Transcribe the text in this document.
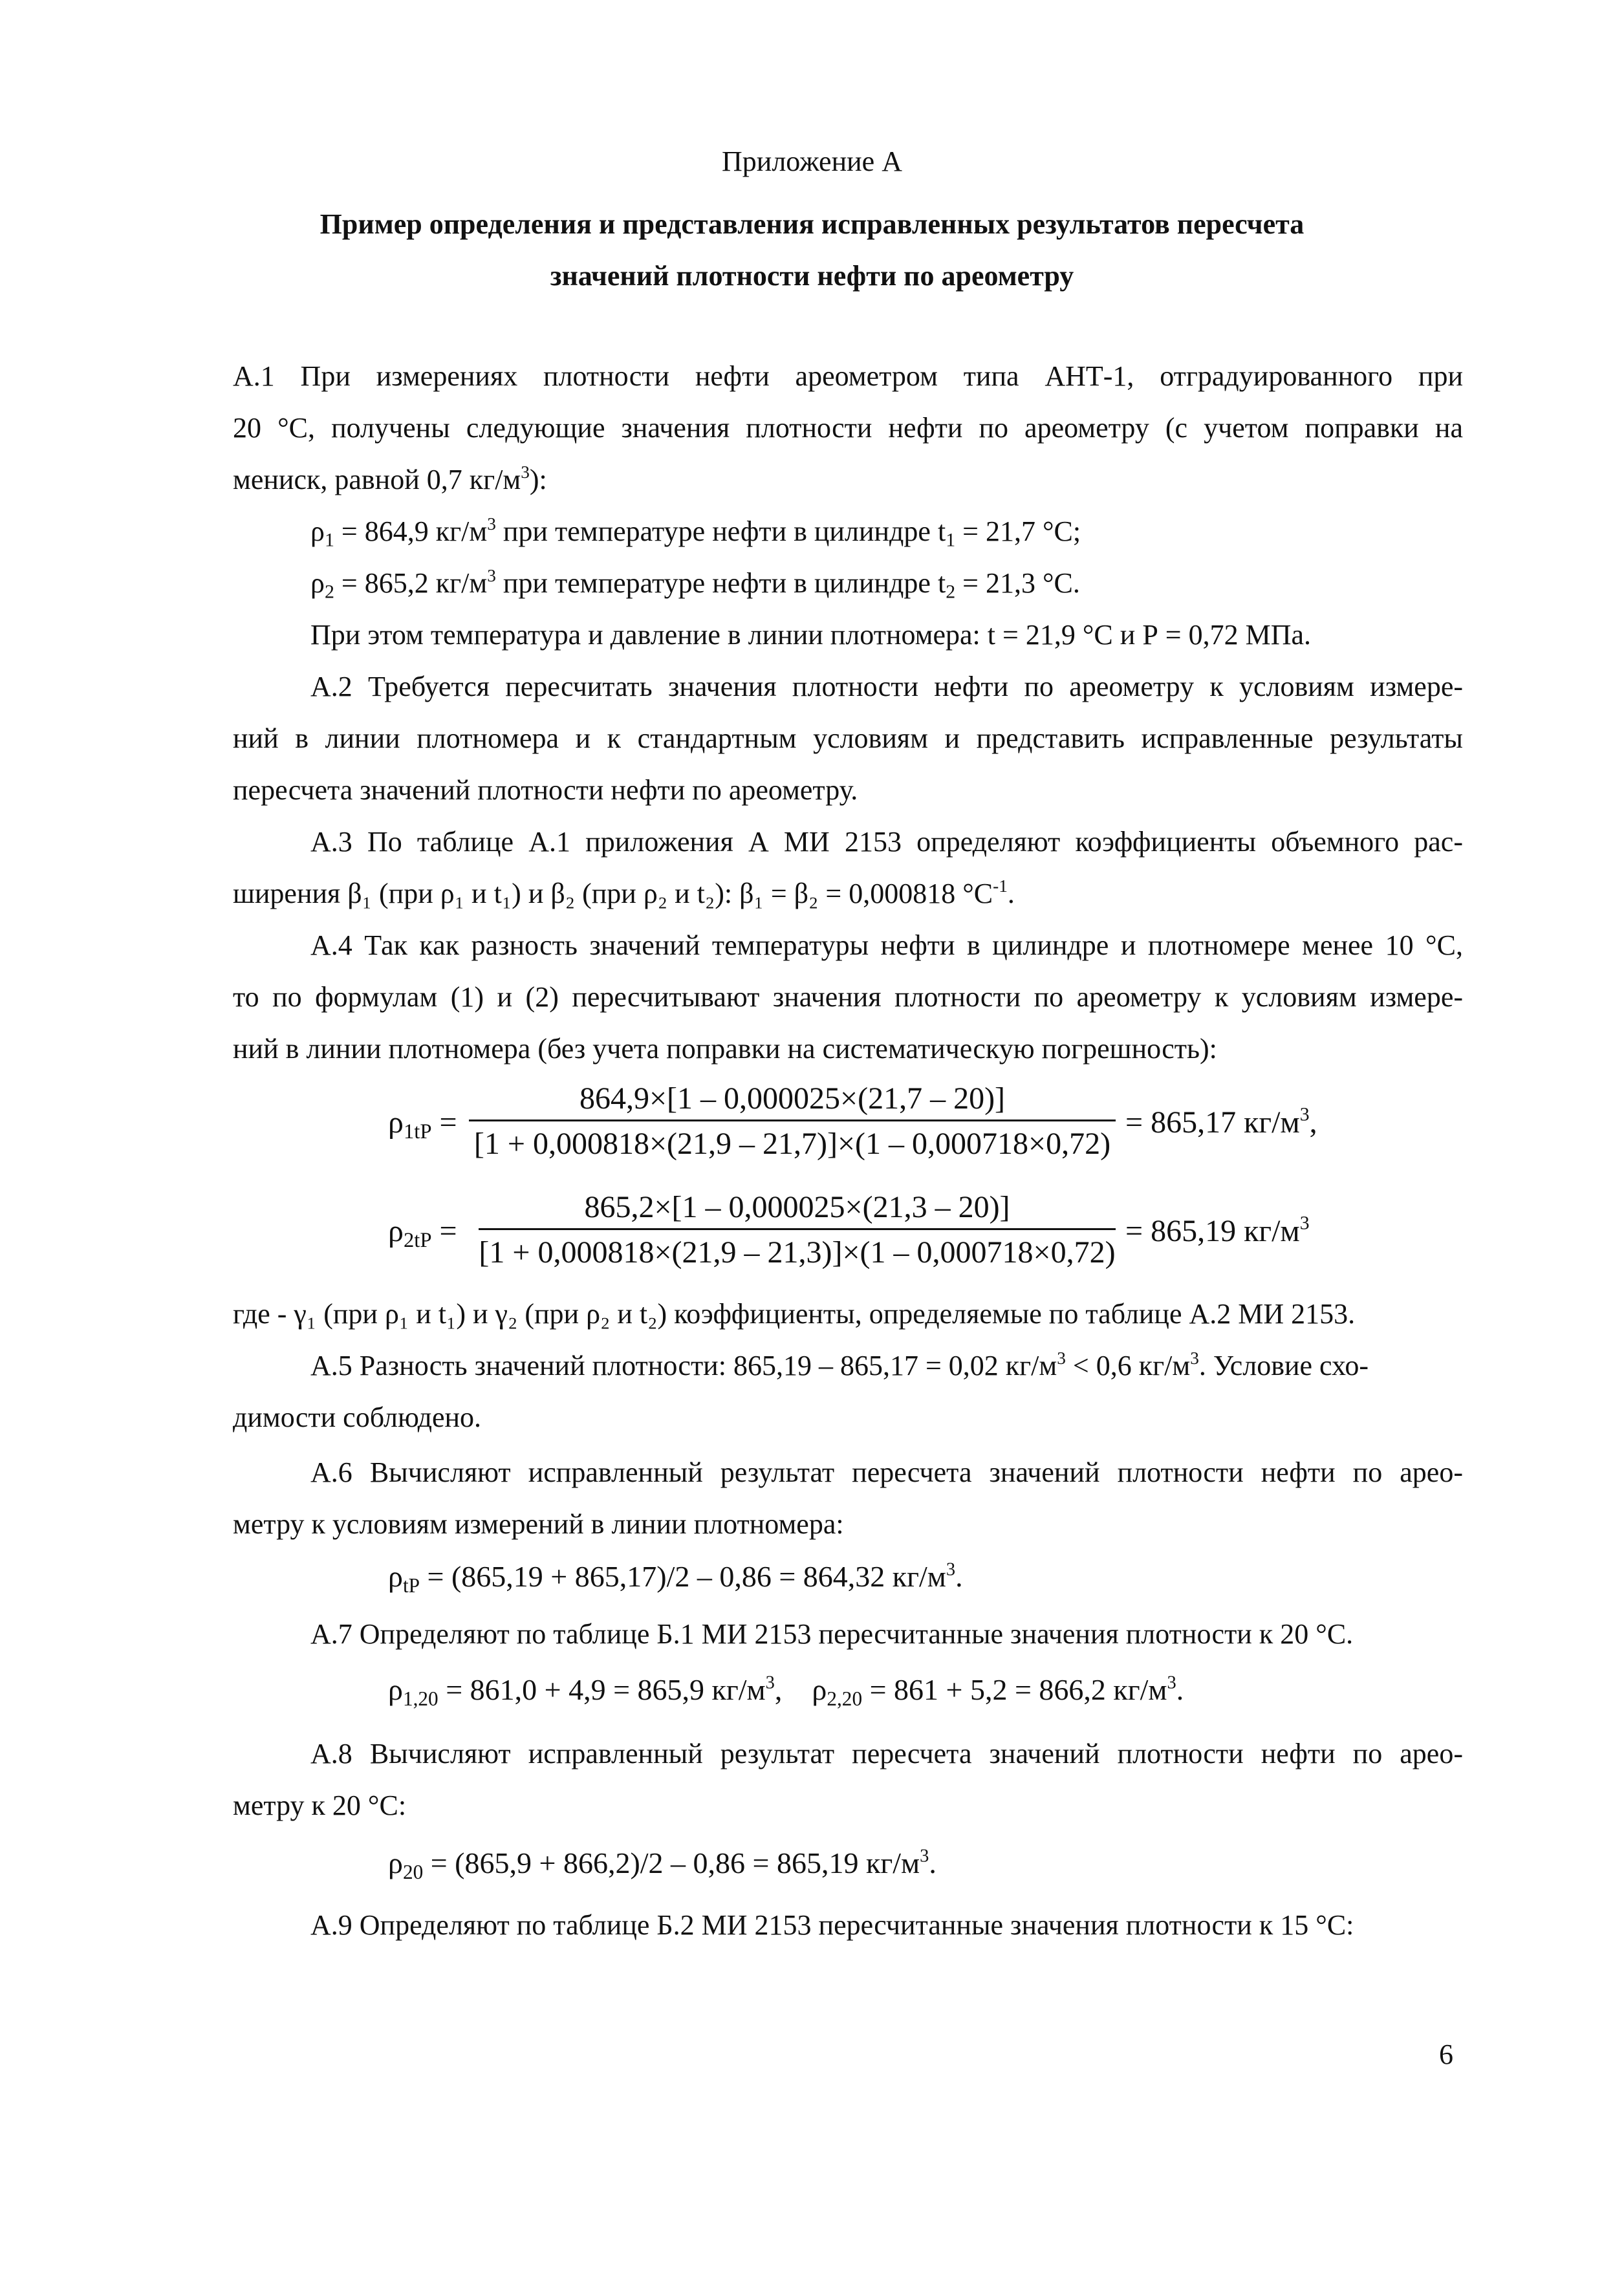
Приложение А
Пример определения и представления исправленных результатов пересчета
значений плотности нефти по ареометру
А.1 При измерениях плотности нефти ареометром типа АНТ-1, отградуированного при
20 °С, получены следующие значения плотности нефти по ареометру (с учетом поправки на
мениск, равной 0,7 $кг/м^3$):
$\rho_1 = 864,9$ $кг/м^3$ при температуре нефти в цилиндре $t_1 = 21,7$ °С;
$\rho_2 = 865,2$ $кг/м^3$ при температуре нефти в цилиндре $t_2 = 21,3$ °С.
При этом температура и давление в линии плотномера: t = 21,9 °С и Р = 0,72 МПа.
А.2 Требуется пересчитать значения плотности нефти по ареометру к условиям измере-
ний в линии плотномера и к стандартным условиям и представить исправленные результаты
пересчета значений плотности нефти по ареометру.
А.3 По таблице А.1 приложения А МИ 2153 определяют коэффициенты объемного рас-
ширения β₁ (при ρ₁ и t₁) и β₂ (при ρ₂ и t₂): β₁ = β₂ = 0,000818 $^\circ С^{-1}$.
А.4 Так как разность значений температуры нефти в цилиндре и плотномере менее 10 °С,
то по формулам (1) и (2) пересчитывают значения плотности по ареометру к условиям измере-
ний в линии плотномера (без учета поправки на систематическую погрешность):
$\rho_{1tP}$ =
864,9×[1 – 0,000025×(21,7 – 20)]
[1 + 0,000818×(21,9 – 21,7)]×(1 – 0,000718×0,72)
= 865,17 $кг/м^3$,
$\rho_{2tP}$ =
865,2×[1 – 0,000025×(21,3 – 20)]
[1 + 0,000818×(21,9 – 21,3)]×(1 – 0,000718×0,72)
= 865,19 $кг/м^3$
где - γ₁ (при ρ₁ и t₁) и γ₂ (при ρ₂ и t₂) коэффициенты, определяемые по таблице А.2 МИ 2153.
А.5 Разность значений плотности: 865,19 – 865,17 = 0,02 $кг/м^3 < 0,6$ $кг/м^3$. Условие схо-
димости соблюдено.
А.6 Вычисляют исправленный результат пересчета значений плотности нефти по арео-
метру к условиям измерений в линии плотномера:
$\rho_{tP} = (865,19 + 865,17)/2 - 0,86 = 864,32$ $кг/м^3$.
А.7 Определяют по таблице Б.1 МИ 2153 пересчитанные значения плотности к 20 °С.
$\rho_{1,20} = 861,0 + 4,9 = 865,9$ $кг/м^3$,    $\rho_{2,20} = 861 + 5,2 = 866,2$ $кг/м^3$.
А.8 Вычисляют исправленный результат пересчета значений плотности нефти по арео-
метру к 20 °С:
$\rho_{20} = (865,9 + 866,2)/2 - 0,86 = 865,19$ $кг/м^3$.
А.9 Определяют по таблице Б.2 МИ 2153 пересчитанные значения плотности к 15 °С:
6
